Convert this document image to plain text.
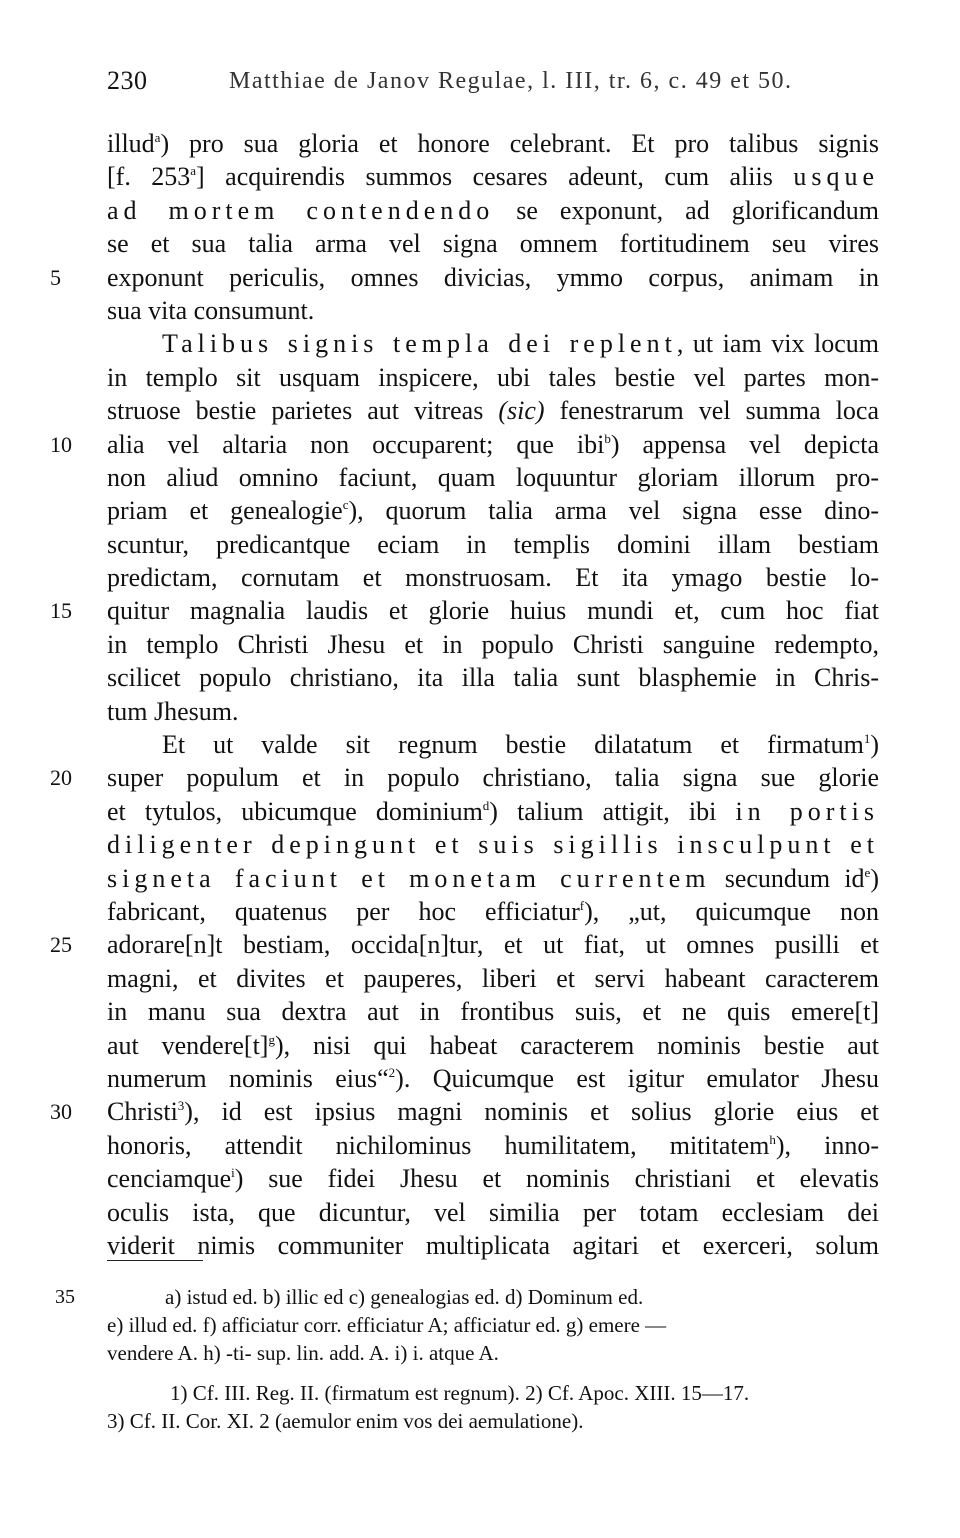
230	Matthiae de Janov Regulae, l. III, tr. 6, c. 49 et 50.
illud$^a$) pro sua gloria et honore celebrant. Et pro talibus signis
[f. 253$^a$] acquirendis summos cesares adeunt, cum aliis usque
ad mortem contendendo se exponunt, ad glorificandum
se et sua talia arma vel signa omnem fortitudinem seu vires
5 exponunt periculis, omnes divicias, ymmo corpus, animam in
sua vita consumunt.
Talibus signis templa dei replent, ut iam vix locum
in templo sit usquam inspicere, ubi tales bestie vel partes mon-
struose bestie parietes aut vitreas (sic) fenestrarum vel summa loca
10 alia vel altaria non occuparent; que ibi$^b$) appensa vel depicta
non aliud omnino faciunt, quam loquuntur gloriam illorum pro-
priam et genealogie$^c$), quorum talia arma vel signa esse dino-
scuntur, predicantque eciam in templis domini illam bestiam
predictam, cornutam et monstruosam. Et ita ymago bestie lo-
15 quitur magnalia laudis et glorie huius mundi et, cum hoc fiat
in templo Christi Jhesu et in populo Christi sanguine redempto,
scilicet populo christiano, ita illa talia sunt blasphemie in Chris-
tum Jhesum.
Et ut valde sit regnum bestie dilatatum et firmatum$^1$)
20 super populum et in populo christiano, talia signa sue glorie
et tytulos, ubicumque dominium$^d$) talium attigit, ibi in portis
diligenter depingunt et suis sigillis insculpunt et
signeta faciunt et monetam currentem secundum $id^e$)
fabricant, quatenus per hoc efficiatur$^f$), „ut, quicumque non
25 adorare[n]t bestiam, occida[n]tur, et ut fiat, ut omnes pusilli et
magni, et divites et pauperes, liberi et servi habeant caracterem
in manu sua dextra aut in frontibus suis, et ne quis emere[t]
aut $vendere[t]^g$), nisi qui habeat caracterem nominis bestie aut
numerum nominis eius“$^2$). Quicumque est igitur emulator Jhesu
30 Christi$^3$), id est ipsius magni nominis et solius glorie eius et
honoris, attendit nichilominus humilitatem, mititatem$^h$), inno-
cenciamque$^i$) sue fidei Jhesu et nominis christiani et elevatis
oculis ista, que dicuntur, vel similia per totam ecclesiam dei
viderit nimis communiter multiplicata agitari et exerceri, solum
35	a) istud ed. b) illic ed c) genealogias ed. d) Dominum ed.
e) illud ed. f) afficiatur corr. efficiatur A; afficiatur ed. g) emere —
vendere A. h) -ti- sup. lin. add. A. i) i. atque A.
1) Cf. III. Reg. II. (firmatum est regnum). 2) Cf. Apoc. XIII. 15—17.
3) Cf. II. Cor. XI. 2 (aemulor enim vos dei aemulatione).
